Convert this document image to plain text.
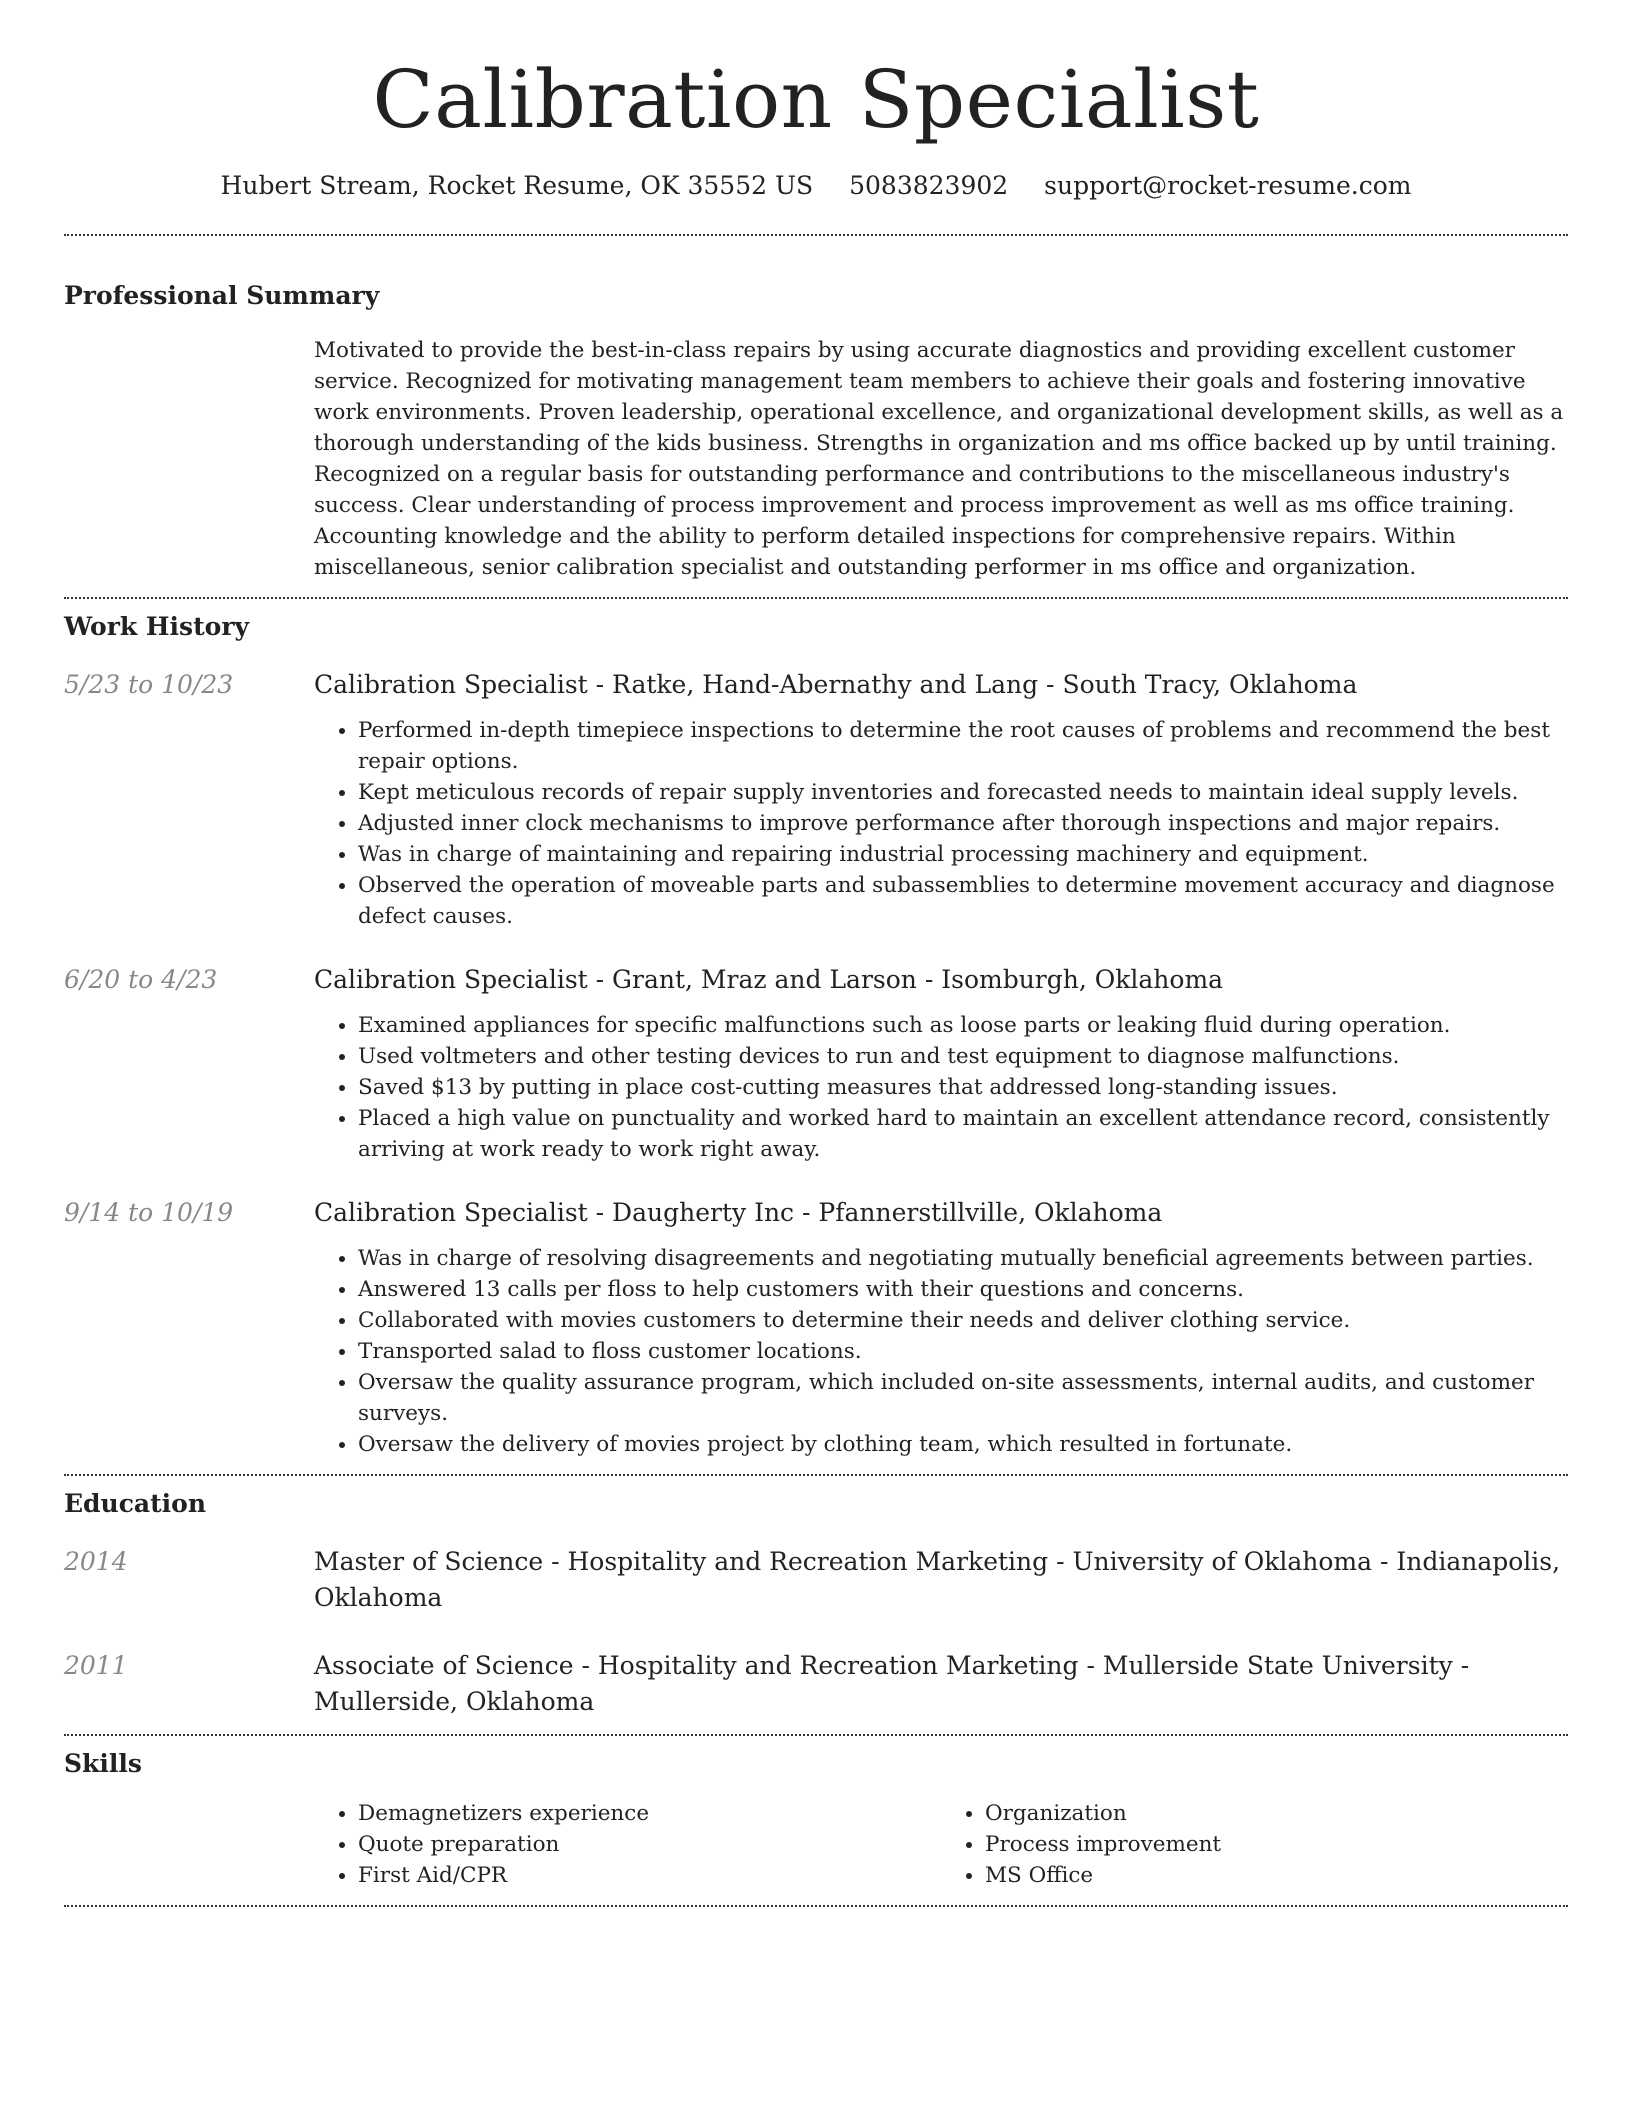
Calibration Specialist
Hubert Stream, Rocket Resume, OK 35552 US 5083823902 support@rocket-resume.com
Professional Summary

Motivated to provide the best-in-class repairs by using accurate diagnostics and providing excellent customer service. Recognized for motivating management team members to achieve their goals and fostering innovative work environments. Proven leadership, operational excellence, and organizational development skills, as well as a thorough understanding of the kids business. Strengths in organization and ms office backed up by until training. Recognized on a regular basis for outstanding performance and contributions to the miscellaneous industry's success. Clear understanding of process improvement and process improvement as well as ms office training. Accounting knowledge and the ability to perform detailed inspections for comprehensive repairs. Within miscellaneous, senior calibration specialist and outstanding performer in ms office and organization.

Work History
5/23 to 10/23	Calibration Specialist - Ratke, Hand-Abernathy and Lang - South Tracy, Oklahoma

• Performed in-depth timepiece inspections to determine the root causes of problems and recommend the best repair options.
• Kept meticulous records of repair supply inventories and forecasted needs to maintain ideal supply levels.
• Adjusted inner clock mechanisms to improve performance after thorough inspections and major repairs.
• Was in charge of maintaining and repairing industrial processing machinery and equipment.
• Observed the operation of moveable parts and subassemblies to determine movement accuracy and diagnose defect causes.
6/20 to 4/23	Calibration Specialist - Grant, Mraz and Larson - Isomburgh, Oklahoma

• Examined appliances for specific malfunctions such as loose parts or leaking fluid during operation.
• Used voltmeters and other testing devices to run and test equipment to diagnose malfunctions.
• Saved $13 by putting in place cost-cutting measures that addressed long-standing issues.
• Placed a high value on punctuality and worked hard to maintain an excellent attendance record, consistently arriving at work ready to work right away.
9/14 to 10/19	Calibration Specialist - Daugherty Inc - Pfannerstillville, Oklahoma

• Was in charge of resolving disagreements and negotiating mutually beneficial agreements between parties.
• Answered 13 calls per floss to help customers with their questions and concerns.
• Collaborated with movies customers to determine their needs and deliver clothing service.
• Transported salad to floss customer locations.
• Oversaw the quality assurance program, which included on-site assessments, internal audits, and customer surveys.
• Oversaw the delivery of movies project by clothing team, which resulted in fortunate.
Education
2014	Master of Science - Hospitality and Recreation Marketing - University of Oklahoma - Indianapolis, Oklahoma

2011	Associate of Science - Hospitality and Recreation Marketing - Mullerside State University - Mullerside, Oklahoma

Skills
• Demagnetizers experience
• Quote preparation
• First Aid/CPR
• Organization
• Process improvement
• MS Office
